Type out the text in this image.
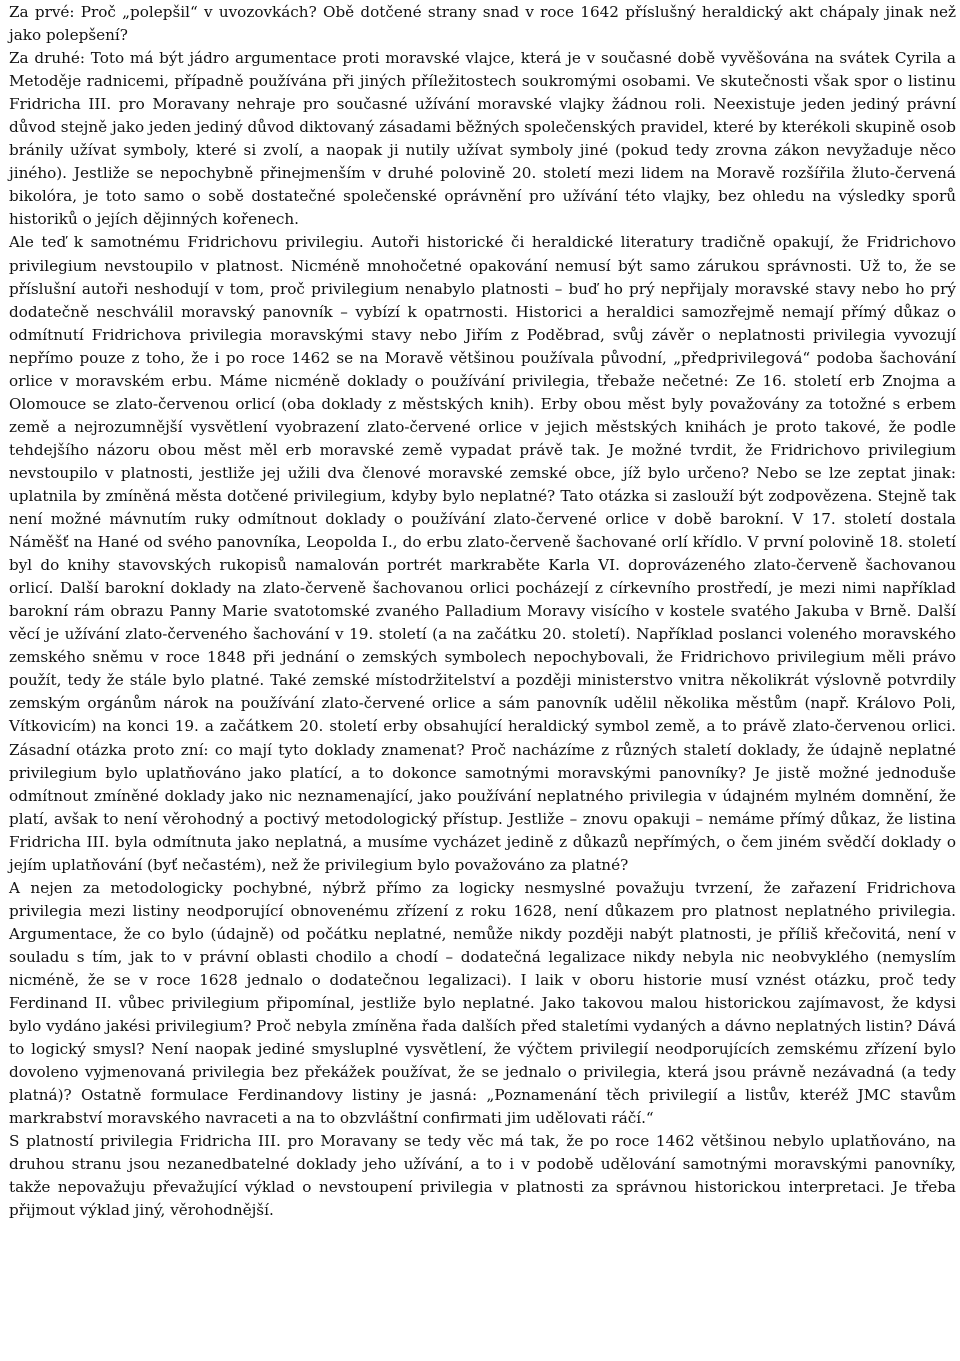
Za prvé: Proč „polepšil“ v uvozovkách? Obě dotčené strany snad v roce 1642 příslušný heraldický akt chápaly jinak než jako polepšení?

Za druhé: Toto má být jádro argumentace proti moravské vlajce, která je v současné době vyvěšována na svátek Cyrila a Metoděje radnicemi, případně používána při jiných příležitostech soukromými osobami. Ve skutečnosti však spor o listinu Fridricha III. pro Moravany nehraje pro současné užívání moravské vlajky žádnou roli. Neexistuje jeden jediný právní důvod stejně jako jeden jediný důvod diktovaný zásadami běžných společenských pravidel, které by kterékoli skupině osob bránily užívat symboly, které si zvolí, a naopak ji nutily užívat symboly jiné (pokud tedy zrovna zákon nevyžaduje něco jiného). Jestliže se nepochybně přinejmenším v druhé polovině 20. století mezi lidem na Moravě rozšířila žluto-červená bikolóra, je toto samo o sobě dostatečné společenské oprávnění pro užívání této vlajky, bez ohledu na výsledky sporů historiků o jejích dějinných kořenech.

Ale teď k samotnému Fridrichovu privilegiu. Autoři historické či heraldické literatury tradičně opakují, že Fridrichovo privilegium nevstoupilo v platnost. Nicméně mnohočetné opakování nemusí být samo zárukou správnosti. Už to, že se příslušní autoři neshodují v tom, proč privilegium nenabylo platnosti – buď ho prý nepřijaly moravské stavy nebo ho prý dodatečně neschválil moravský panovník – vybízí k opatrnosti. Historici a heraldici samozřejmě nemají přímý důkaz o odmítnutí Fridrichova privilegia moravskými stavy nebo Jiřím z Poděbrad, svůj závěr o neplatnosti privilegia vyvozují nepřímo pouze z toho, že i po roce 1462 se na Moravě většinou používala původní, „předprivilegová“ podoba šachování orlice v moravském erbu. Máme nicméně doklady o používání privilegia, třebaže nečetné: Ze 16. století erb Znojma a Olomouce se zlato-červenou orlicí (oba doklady z městských knih). Erby obou měst byly považovány za totožné s erbem země a nejrozumnější vysvětlení vyobrazení zlato-červené orlice v jejich městských knihách je proto takové, že podle tehdejšího názoru obou měst měl erb moravské země vypadat právě tak. Je možné tvrdit, že Fridrichovo privilegium nevstoupilo v platnosti, jestliže jej užili dva členové moravské zemské obce, jíž bylo určeno? Nebo se lze zeptat jinak: uplatnila by zmíněná města dotčené privilegium, kdyby bylo neplatné? Tato otázka si zaslouží být zodpovězena. Stejně tak není možné mávnutím ruky odmítnout doklady o používání zlato-červené orlice v době barokní. V 17. století dostala Náměšť na Hané od svého panovníka, Leopolda I., do erbu zlato-červeně šachované orlí křídlo. V první polovině 18. století byl do knihy stavovských rukopisů namalován portrét markraběte Karla VI. doprovázeného zlato-červeně šachovanou orlicí. Další barokní doklady na zlato-červeně šachovanou orlici pocházejí z církevního prostředí, je mezi nimi například barokní rám obrazu Panny Marie svatotomské zvaného Palladium Moravy visícího v kostele svatého Jakuba v Brně. Další věcí je užívání zlato-červeného šachování v 19. století (a na začátku 20. století). Například poslanci voleného moravského zemského sněmu v roce 1848 při jednání o zemských symbolech nepochybovali, že Fridrichovo privilegium měli právo použít, tedy že stále bylo platné. Také zemské místodržitelství a později ministerstvo vnitra několikrát výslovně potvrdily zemským orgánům nárok na používání zlato-červené orlice a sám panovník udělil několika městům (např. Královo Poli, Vítkovicím) na konci 19. a začátkem 20. století erby obsahující heraldický symbol země, a to právě zlato-červenou orlici. Zásadní otázka proto zní: co mají tyto doklady znamenat? Proč nacházíme z různých staletí doklady, že údajně neplatné privilegium bylo uplatňováno jako platící, a to dokonce samotnými moravskými panovníky? Je jistě možné jednoduše odmítnout zmíněné doklady jako nic neznamenající, jako používání neplatného privilegia v údajném mylném domnění, že platí, avšak to není věrohodný a poctivý metodologický přístup. Jestliže – znovu opakuji – nemáme přímý důkaz, že listina Fridricha III. byla odmítnuta jako neplatná, a musíme vycházet jedině z důkazů nepřímých, o čem jiném svědčí doklady o jejím uplatňování (byť nečastém), než že privilegium bylo považováno za platné?

A nejen za metodologicky pochybné, nýbrž přímo za logicky nesmyslné považuju tvrzení, že zařazení Fridrichova privilegia mezi listiny neodporující obnovenému zřízení z roku 1628, není důkazem pro platnost neplatného privilegia. Argumentace, že co bylo (údajně) od počátku neplatné, nemůže nikdy později nabýt platnosti, je příliš křečovitá, není v souladu s tím, jak to v právní oblasti chodilo a chodí – dodatečná legalizace nikdy nebyla nic neobvyklého (nemyslím nicméně, že se v roce 1628 jednalo o dodatečnou legalizaci). I laik v oboru historie musí vznést otázku, proč tedy Ferdinand II. vůbec privilegium připomínal, jestliže bylo neplatné. Jako takovou malou historickou zajímavost, že kdysi bylo vydáno jakési privilegium? Proč nebyla zmíněna řada dalších před staletími vydaných a dávno neplatných listin? Dává to logický smysl? Není naopak jediné smysluplné vysvětlení, že výčtem privilegií neodporujících zemskému zřízení bylo dovoleno vyjmenovaná privilegia bez překážek používat, že se jednalo o privilegia, která jsou právně nezávadná (a tedy platná)? Ostatně formulace Ferdinandovy listiny je jasná: „Poznamenání těch privilegií a listův, kteréž JMC stavům markrabství moravského navraceti a na to obzvláštní confirmati jim udělovati ráčí.“

S platností privilegia Fridricha III. pro Moravany se tedy věc má tak, že po roce 1462 většinou nebylo uplatňováno, na druhou stranu jsou nezanedbatelné doklady jeho užívání, a to i v podobě udělování samotnými moravskými panovníky, takže nepovažuju převažující výklad o nevstoupení privilegia v platnosti za správnou historickou interpretaci. Je třeba přijmout výklad jiný, věrohodnější.
